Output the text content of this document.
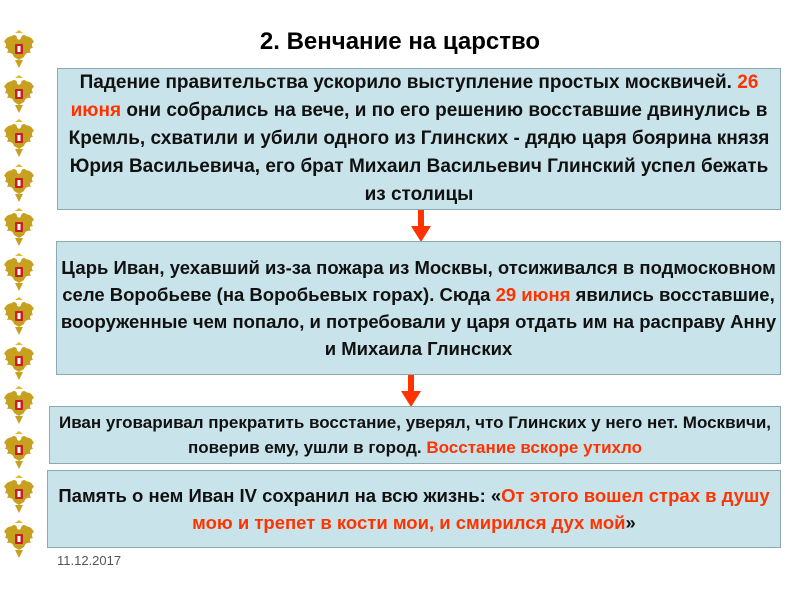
2. Венчание на царство

Падение правительства ускорило выступление простых москвичей. 26 июня они собрались на вече, и по его решению восставшие двинулись в Кремль, схватили и убили одного из Глинских - дядю царя боярина князя Юрия Васильевича, его брат Михаил Васильевич Глинский успел бежать из столицы

Царь Иван, уехавший из-за пожара из Москвы, отсиживался в подмосковном селе Воробьеве (на Воробьевых горах). Сюда 29 июня явились восставшие, вооруженные чем попало, и потребовали у царя отдать им на расправу Анну и Михаила Глинских

Иван уговаривал прекратить восстание, уверял, что Глинских у него нет. Москвичи, поверив ему, ушли в город. Восстание вскоре утихло

Память о нем Иван IV сохранил на всю жизнь: «От этого вошел страх в душу мою и трепет в кости мои, и смирился дух мой»

11.12.2017
